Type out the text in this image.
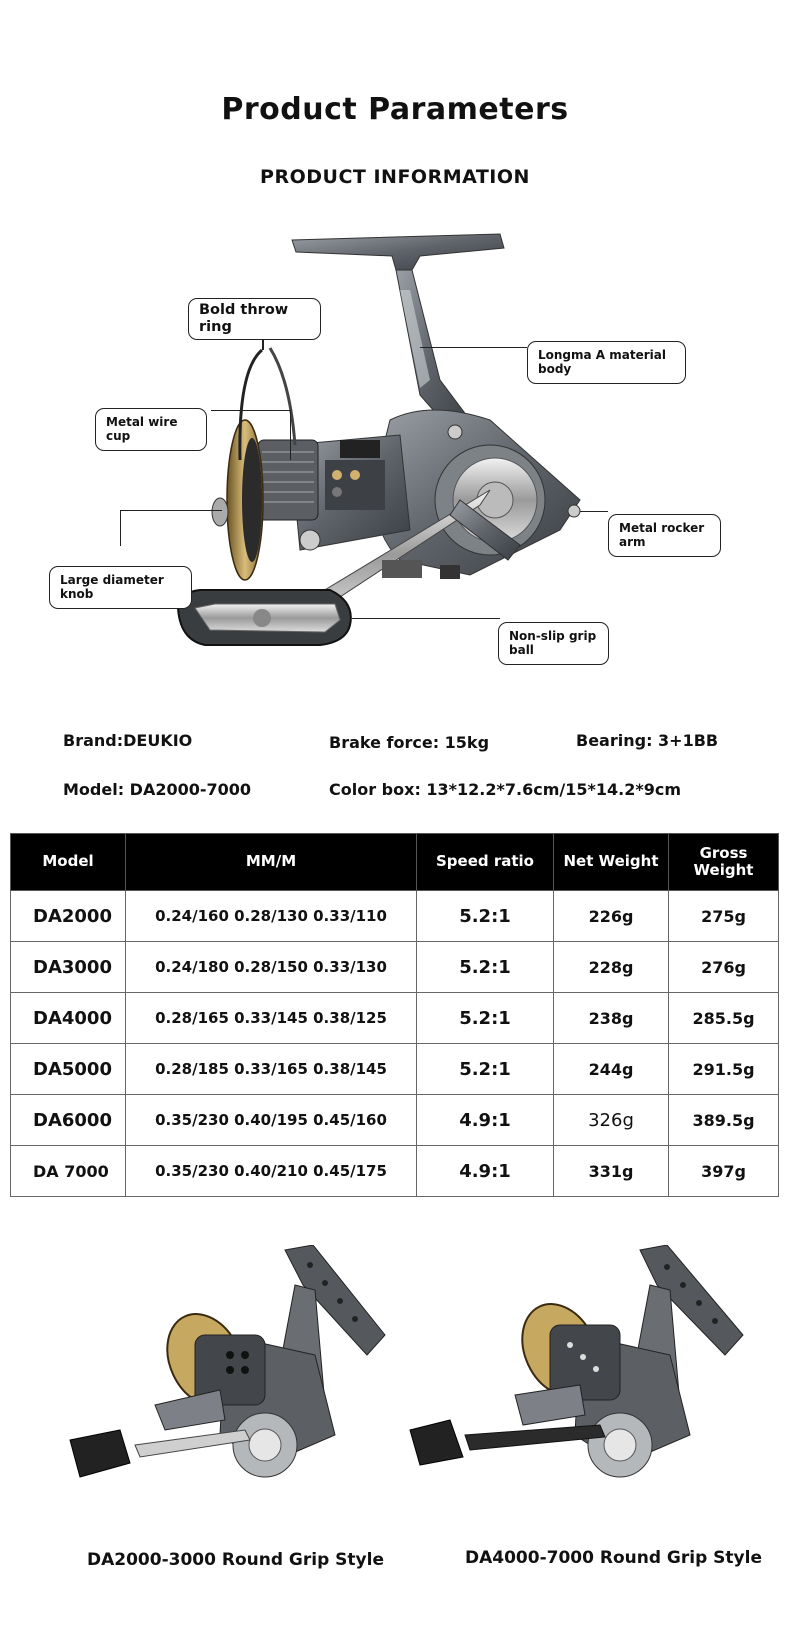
Product Parameters
PRODUCT INFORMATION
Bold throw ring
Longma A material body
Metal wire cup
Metal rocker arm
Large diameter knob
Non-slip grip ball
Brand:DEUKIO	Brake force: 15kg	Bearing: 3+1BB
Model: DA2000-7000	Color box: 13*12.2*7.6cm/15*14.2*9cm
Model	MM/M	Speed ratio	Net Weight	Gross Weight
DA2000	0.24/160 0.28/130 0.33/110	5.2:1	226g	275g
DA3000	0.24/180 0.28/150 0.33/130	5.2:1	228g	276g
DA4000	0.28/165 0.33/145 0.38/125	5.2:1	238g	285.5g
DA5000	0.28/185 0.33/165 0.38/145	5.2:1	244g	291.5g
DA6000	0.35/230 0.40/195 0.45/160	4.9:1	326g	389.5g
DA 7000	0.35/230 0.40/210 0.45/175	4.9:1	331g	397g
DA2000-3000 Round Grip Style	DA4000-7000 Round Grip Style
